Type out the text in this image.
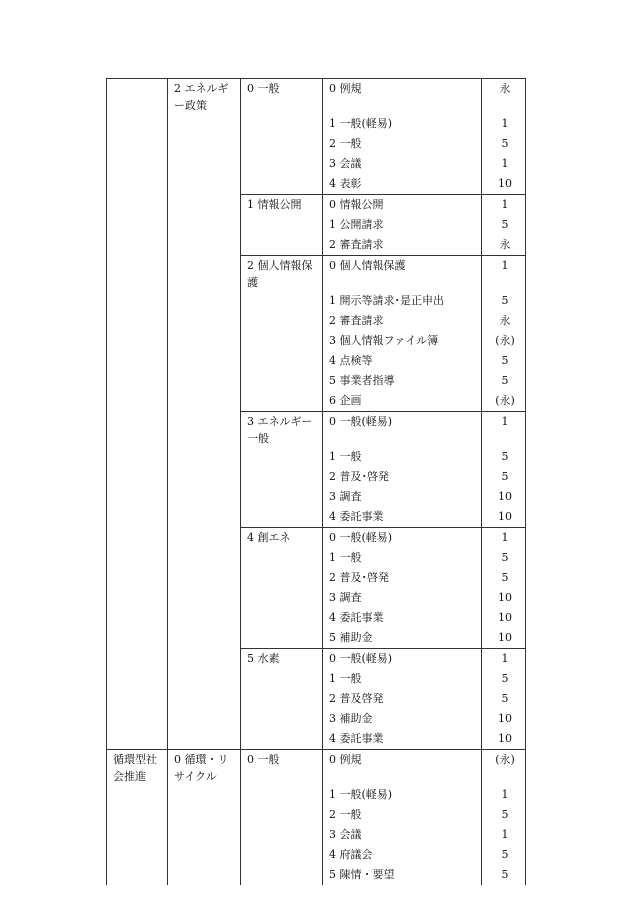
	2 エネルギー政策	0 一般	0 例規	永

			1 一般(軽易)	1

			2 一般	5

			3 会議	1

			4 表彰	10

		1 情報公開	0 情報公開	1

			1 公開請求	5

			2 審査請求	永

		2 個人情報保護	0 個人情報保護	1

			1 開示等請求･是正申出	5

			2 審査請求	永

			3 個人情報ファイル簿	(永)

			4 点検等	5

			5 事業者指導	5

			6 企画	(永)

		3 エネルギー一般	0 一般(軽易)	1

			1 一般	5

			2 普及･啓発	5

			3 調査	10

			4 委託事業	10

		4 創エネ	0 一般(軽易)	1

			1 一般	5

			2 普及･啓発	5

			3 調査	10

			4 委託事業	10

			5 補助金	10

		5 水素	0 一般(軽易)	1

			1 一般	5

			2 普及啓発	5

			3 補助金	10

			4 委託事業	10

循環型社会推進	0 循環・リサイクル	0 一般	0 例規	(永)

			1 一般(軽易)	1

			2 一般	5

			3 会議	1

			4 府議会	5

			5 陳情・要望	5
